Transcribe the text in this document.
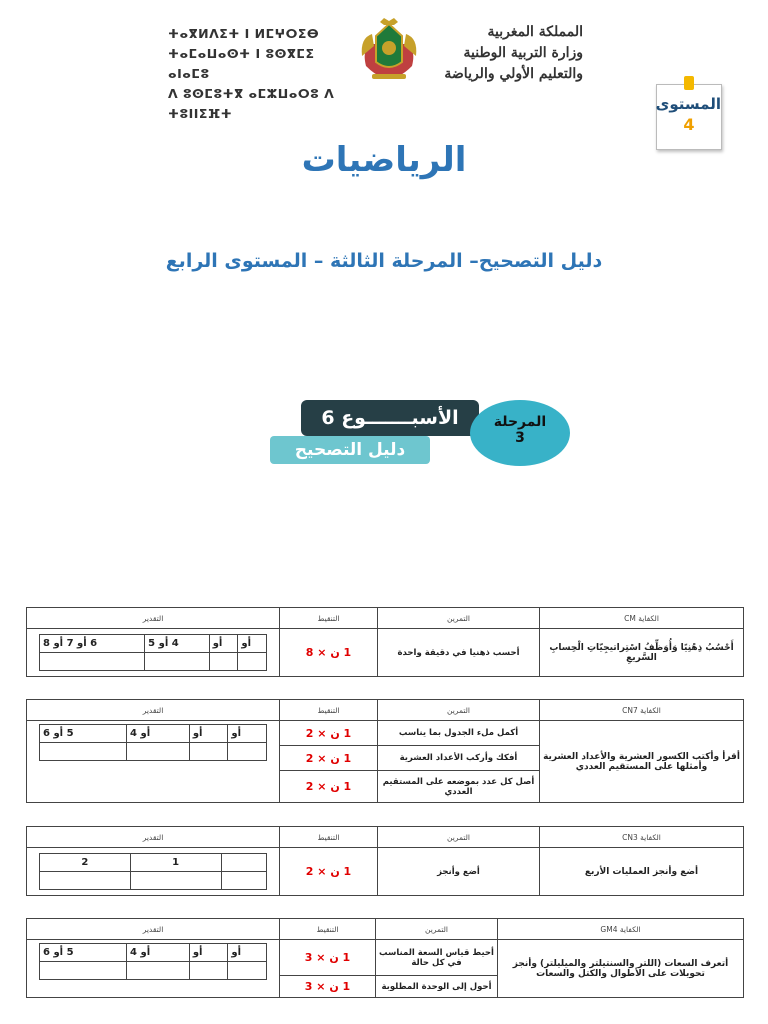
ⵜⴰⴳⵍⴷⵉⵜ ⵏ ⵍⵎⵖⵔⵉⴱ
ⵜⴰⵎⴰⵡⴰⵙⵜ ⵏ ⵓⵙⴳⵎⵉ ⴰⵏⴰⵎⵓ
ⴷ ⵓⵙⵎⵓⵜⴳ ⴰⵎⵣⵡⴰⵔⵓ ⴷ ⵜⵓⵏⵏⵉⴼⵜ
المملكة المغربية
وزارة التربية الوطنية
والتعليم الأولي والرياضة
المستوى
4
الرياضيات
دليل التصحيح– المرحلة الثالثة – المستوى الرابع
الأسبـــــــوع 6
دليل التصحيح
المرحلة
3
الكفاية CM	التمرين	التنقيط	التقدير
أَحْسُبُ ذِهْنِيًا وَأُوَظِّفُ اسْتِراتيجِيّاتِ الْحِسابِ السَّريعِ	أحسب ذهنيا في دقيقة واحدة	1 ن × 8	
أو	أو	4 أو 5	6 أو 7 أو 8

الكفاية CN7	التمرين	التنقيط	التقدير
أقرأ وأكتب الكسور العشرية والأعداد العشرية وأمثلها على المستقيم العددي	أكمل ملء الجدول بما يناسب	1 ن × 2	
أو	أو	أو 4	5 أو 6

أفكك وأركب الأعداد العشرية	1 ن × 2
أصل كل عدد بموضعه على المستقيم العددي	1 ن × 2
الكفاية CN3	التمرين	التنقيط	التقدير
أضع وأنجز العمليات الأربع	أضع وأنجز	1 ن × 2	
	1	2

الكفاية GM4	التمرين	التنقيط	التقدير
أتعرف السعات (اللتر والسنتيلتر والميليلتر) وأنجز تحويلات على الأطوال والكتل والسعات	أحيط قياس السعة المناسب في كل حالة	1 ن × 3	
أو	أو	أو 4	5 أو 6

أحول إلى الوحدة المطلوبة	1 ن × 3
